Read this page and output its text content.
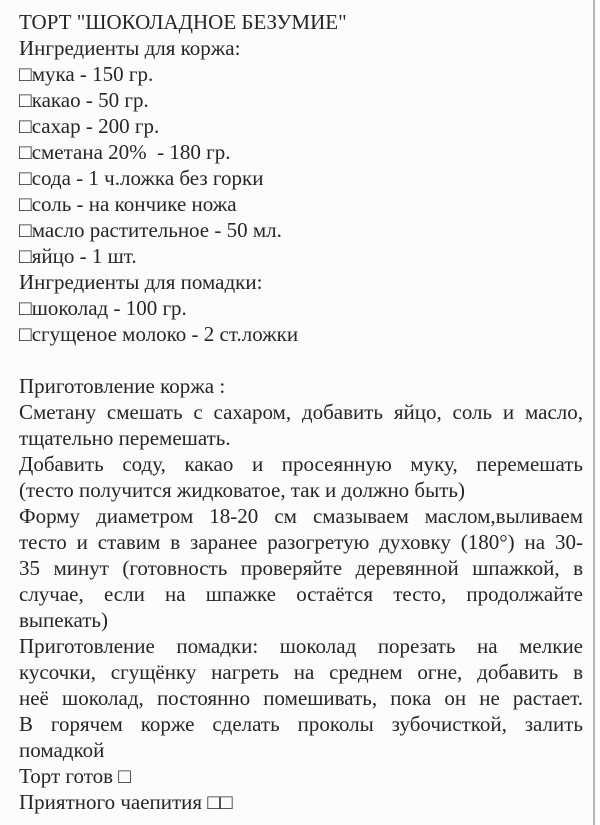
ТОРТ "ШОКОЛАДНОЕ БЕЗУМИЕ"
Ингредиенты для коржа:
□мука - 150 гр.
□какао - 50 гр.
□сахар - 200 гр.
□сметана 20%  - 180 гр.
□сода - 1 ч.ложка без горки
□соль - на кончике ножа
□масло растительное - 50 мл.
□яйцо - 1 шт.
Ингредиенты для помадки:
□шоколад - 100 гр.
□сгущеное молоко - 2 ст.ложки
Приготовление коржа :
Сметану смешать с сахаром, добавить яйцо, соль и масло,
тщательно перемешать.
Добавить соду, какао и просеянную муку, перемешать
(тесто получится жидковатое, так и должно быть)
Форму диаметром 18-20 см смазываем маслом,выливаем
тесто и ставим в заранее разогретую духовку (180°) на 30-
35 минут (готовность проверяйте деревянной шпажкой, в
случае, если на шпажке остаётся тесто, продолжайте
выпекать)
Приготовление помадки: шоколад порезать на мелкие
кусочки, сгущёнку нагреть на среднем огне, добавить в
неё шоколад, постоянно помешивать, пока он не растает.
В горячем корже сделать проколы зубочисткой, залить
помадкой
Торт готов □
Приятного чаепития □□
